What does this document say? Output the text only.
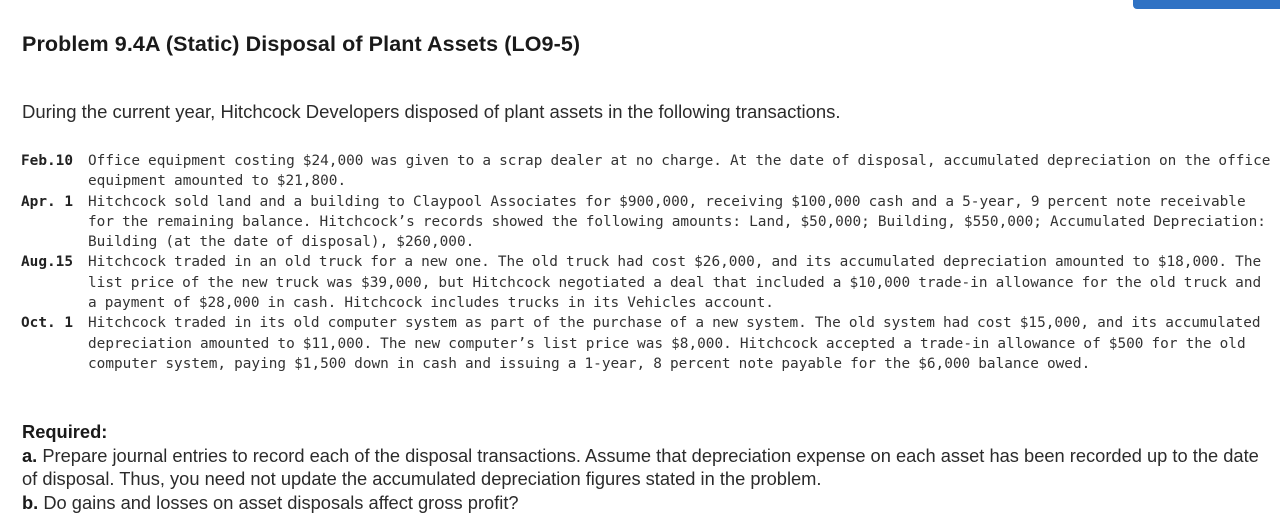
Problem 9.4A (Static) Disposal of Plant Assets (LO9-5)

During the current year, Hitchcock Developers disposed of plant assets in the following transactions.

Feb.10	Office equipment costing $24,000 was given to a scrap dealer at no charge. At the date of disposal, accumulated depreciation on the office equipment amounted to $21,800.
Apr. 1	Hitchcock sold land and a building to Claypool Associates for $900,000, receiving $100,000 cash and a 5-year, 9 percent note receivable for the remaining balance. Hitchcock’s records showed the following amounts: Land, $50,000; Building, $550,000; Accumulated Depreciation: Building (at the date of disposal), $260,000.
Aug.15	Hitchcock traded in an old truck for a new one. The old truck had cost $26,000, and its accumulated depreciation amounted to $18,000. The list price of the new truck was $39,000, but Hitchcock negotiated a deal that included a $10,000 trade-in allowance for the old truck and a payment of $28,000 in cash. Hitchcock includes trucks in its Vehicles account.
Oct. 1	Hitchcock traded in its old computer system as part of the purchase of a new system. The old system had cost $15,000, and its accumulated depreciation amounted to $11,000. The new computer’s list price was $8,000. Hitchcock accepted a trade-in allowance of $500 for the old computer system, paying $1,500 down in cash and issuing a 1-year, 8 percent note payable for the $6,000 balance owed.
Required:
a. Prepare journal entries to record each of the disposal transactions. Assume that depreciation expense on each asset has been recorded up to the date of disposal. Thus, you need not update the accumulated depreciation figures stated in the problem.
b. Do gains and losses on asset disposals affect gross profit?
